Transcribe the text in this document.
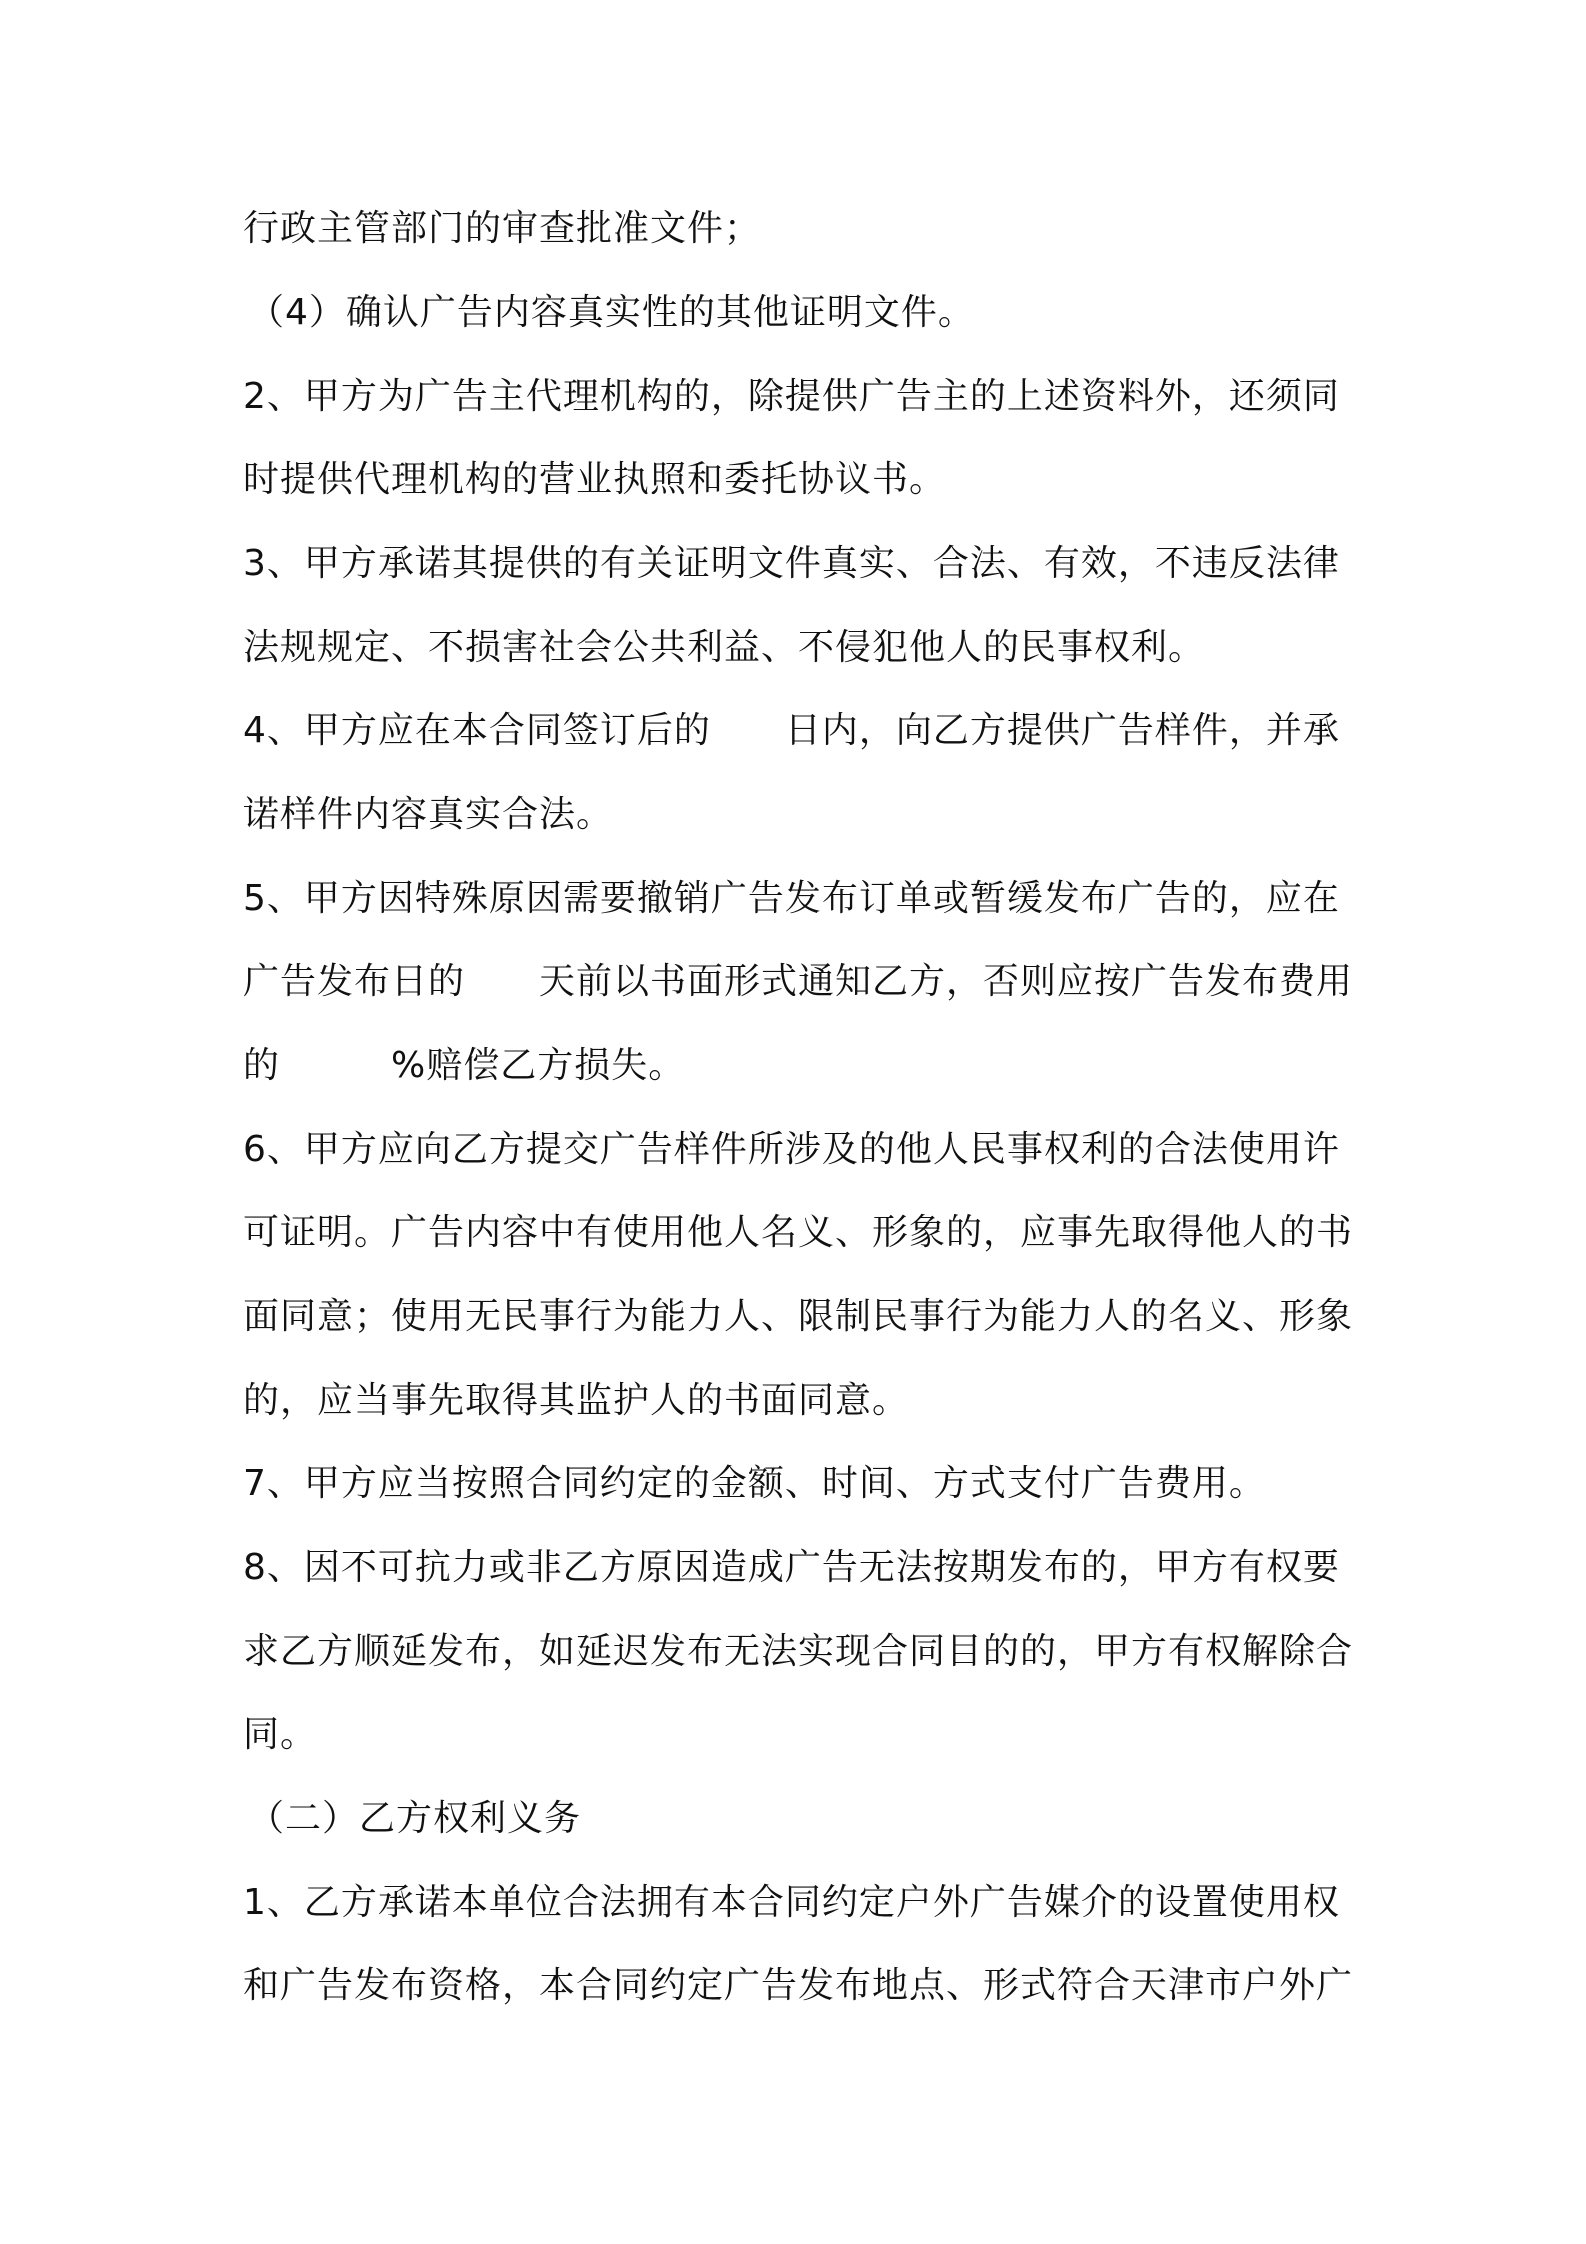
行政主管部门的审查批准文件；
（4）确认广告内容真实性的其他证明文件。
2、甲方为广告主代理机构的，除提供广告主的上述资料外，还须同
时提供代理机构的营业执照和委托协议书。
3、甲方承诺其提供的有关证明文件真实、合法、有效，不违反法律
法规规定、不损害社会公共利益、不侵犯他人的民事权利。
4、甲方应在本合同签订后的　　日内，向乙方提供广告样件，并承
诺样件内容真实合法。
5、甲方因特殊原因需要撤销广告发布订单或暂缓发布广告的，应在
广告发布日的　　天前以书面形式通知乙方，否则应按广告发布费用
的　　　%赔偿乙方损失。
6、甲方应向乙方提交广告样件所涉及的他人民事权利的合法使用许
可证明。广告内容中有使用他人名义、形象的，应事先取得他人的书
面同意；使用无民事行为能力人、限制民事行为能力人的名义、形象
的，应当事先取得其监护人的书面同意。
7、甲方应当按照合同约定的金额、时间、方式支付广告费用。
8、因不可抗力或非乙方原因造成广告无法按期发布的，甲方有权要
求乙方顺延发布，如延迟发布无法实现合同目的的，甲方有权解除合
同。
（二）乙方权利义务
1、乙方承诺本单位合法拥有本合同约定户外广告媒介的设置使用权
和广告发布资格，本合同约定广告发布地点、形式符合天津市户外广
